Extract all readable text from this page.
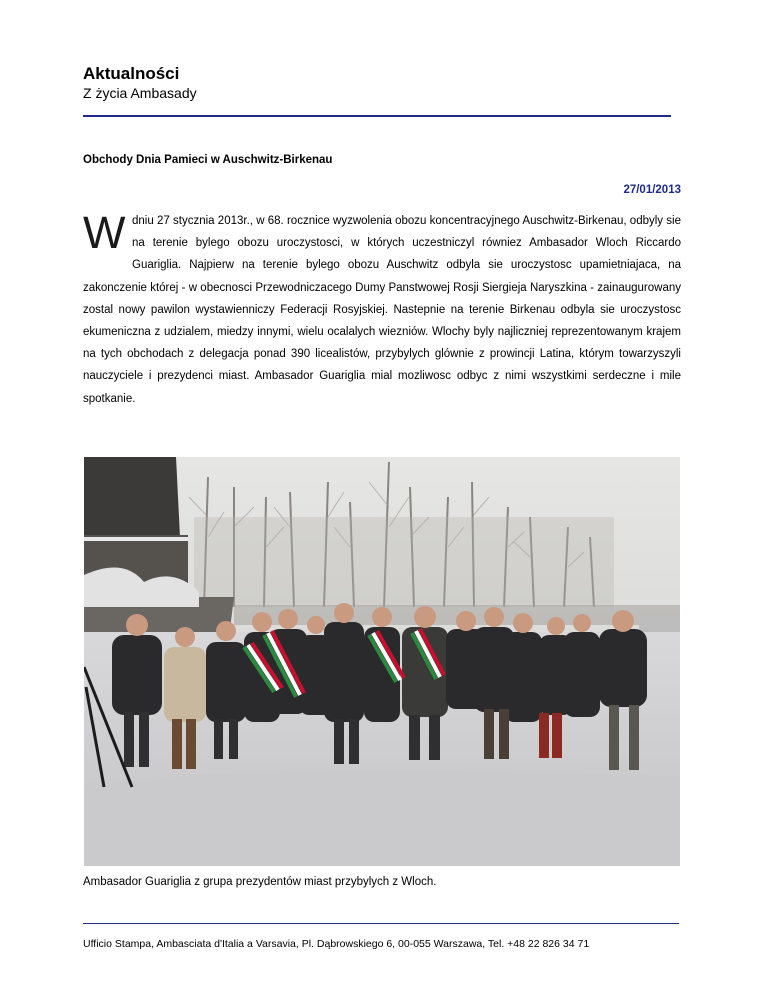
Aktualności
Z życia Ambasady
Obchody Dnia Pamieci w Auschwitz-Birkenau
27/01/2013
W dniu 27 stycznia 2013r., w 68. rocznice wyzwolenia obozu koncentracyjnego Auschwitz-Birkenau, odbyly sie na terenie bylego obozu uroczystosci, w których uczestniczyl równiez Ambasador Wloch Riccardo Guariglia. Najpierw na terenie bylego obozu Auschwitz odbyla sie uroczystosc upamietniajaca, na zakonczenie której - w obecnosci Przewodniczacego Dumy Panstwowej Rosji Siergieja Naryszkina - zainaugurowany zostal nowy pawilon wystawienniczy Federacji Rosyjskiej. Nastepnie na terenie Birkenau odbyla sie uroczystosc ekumeniczna z udzialem, miedzy innymi, wielu ocalalych wiezniów. Wlochy byly najliczniej reprezentowanym krajem na tych obchodach z delegacja ponad 390 licealistów, przybylych glównie z prowincji Latina, którym towarzyszyli nauczyciele i prezydenci miast. Ambasador Guariglia mial mozliwosc odbyc z nimi wszystkimi serdeczne i mile spotkanie.
Ambasador Guariglia z grupa prezydentów miast przybylych z Wloch.
Ufficio Stampa, Ambasciata d'Italia a Varsavia, Pl. Dąbrowskiego 6, 00-055 Warszawa, Tel. +48 22 826 34 71
